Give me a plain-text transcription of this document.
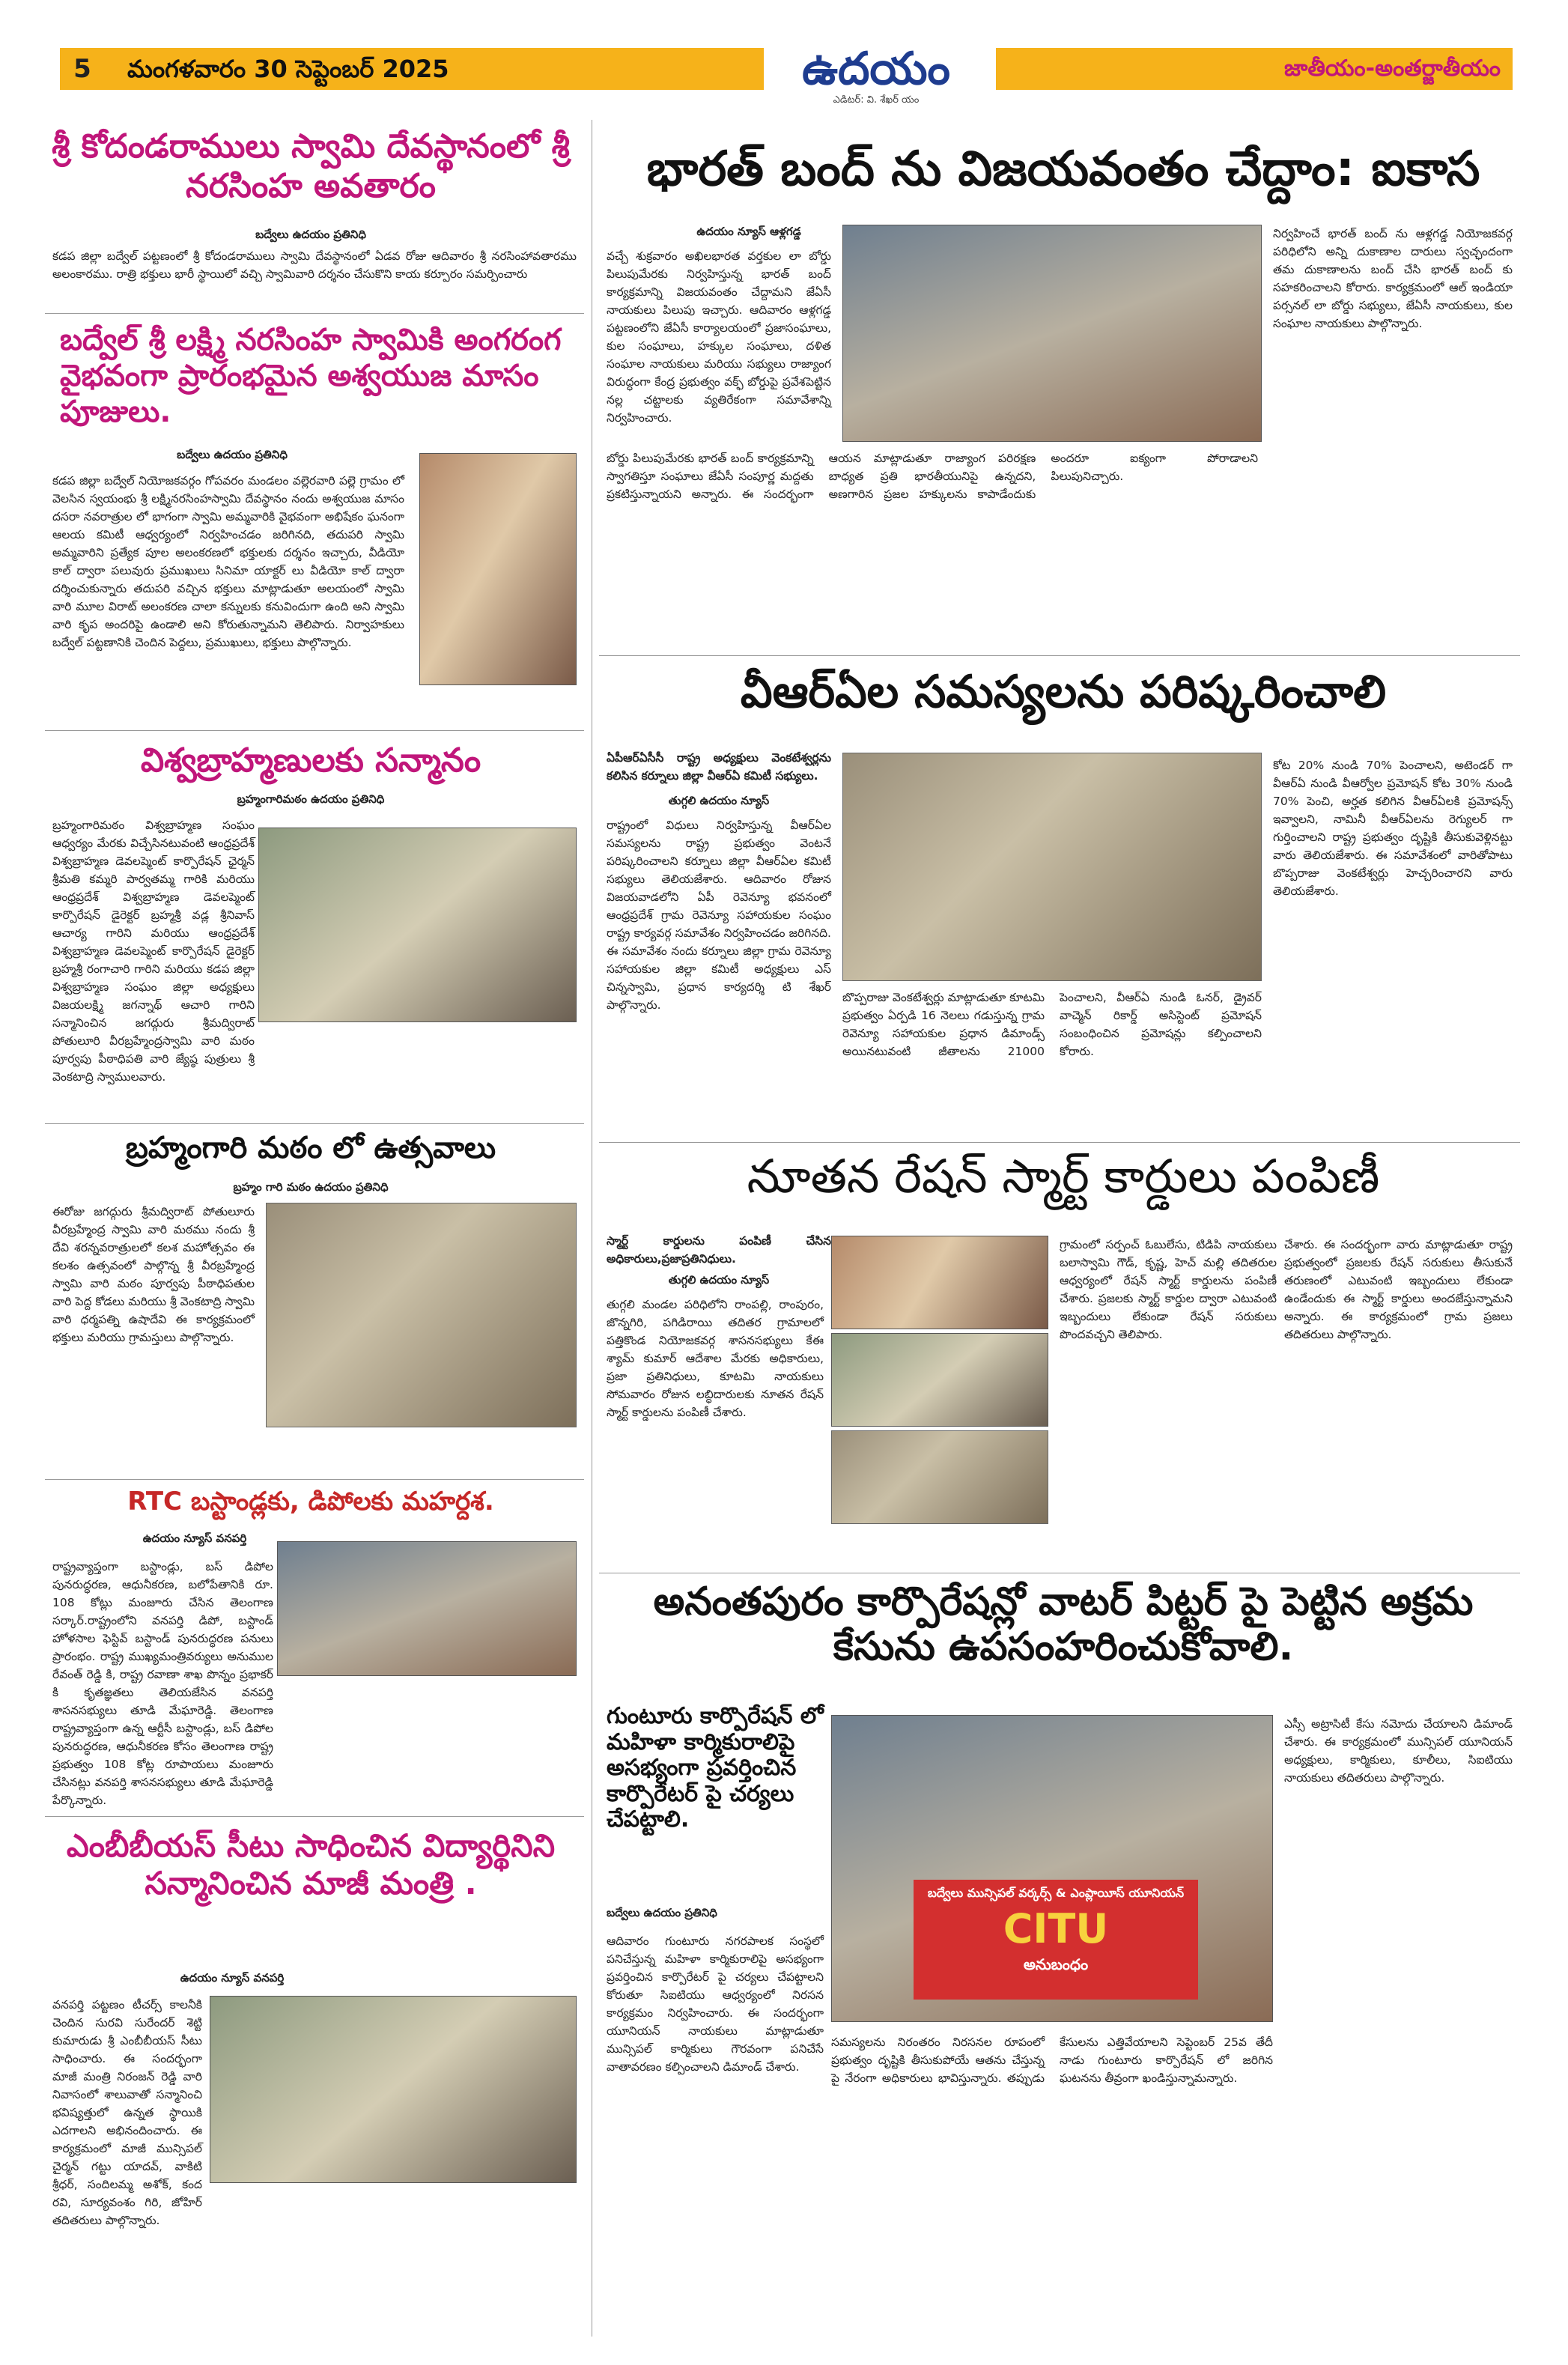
5	మంగళవారం 30 సెప్టెంబర్ 2025	ఉదయం
ఎడిటర్: వి. శేఖర్ యం
జాతీయం-అంతర్జాతీయం
శ్రీ కోదండరాములు స్వామి దేవస్థానంలో శ్రీ నరసింహ అవతారం
బద్వేలు ఉదయం ప్రతినిధి
కడప జిల్లా బద్వేల్ పట్టణంలో శ్రీ కోదండరాములు స్వామి దేవస్థానంలో ఏడవ రోజు ఆదివారం శ్రీ నరసింహావతారము అలంకారము. రాత్రి భక్తులు భారీ స్థాయిలో వచ్చి స్వామివారి దర్శనం చేసుకొని కాయ కర్పూరం సమర్పించారు
బద్వేల్ శ్రీ లక్ష్మి నరసింహ స్వామికి అంగరంగ వైభవంగా ప్రారంభమైన అశ్వయుజ మాసం పూజులు.
బద్వేలు ఉదయం ప్రతినిధి
కడప జిల్లా బద్వేల్ నియోజకవర్గం గోపవరం మండలం వల్లెరవారి పల్లె గ్రామం లో వెలసిన స్వయంభు శ్రీ లక్ష్మినరసింహస్వామి దేవస్థానం నందు అశ్వయుజ మాసం దసరా నవరాత్రుల లో భాగంగా స్వామి అమ్మవారికి వైభవంగా అభిషేకం ఘనంగా ఆలయ కమిటీ ఆధ్వర్యంలో నిర్వహించడం జరిగినది, తదుపరి స్వామి అమ్మవారిని ప్రత్యేక పూల అలంకరణలో భక్తులకు దర్శనం ఇచ్చారు, వీడియో కాల్ ద్వారా పలువురు ప్రముఖులు సినిమా యాక్టర్ లు వీడియో కాల్ ద్వారా దర్శించుకున్నారు తదుపరి వచ్చిన భక్తులు మాట్లాడుతూ అలయంలో స్వామి వారి మూల విరాట్ అలంకరణ చాలా కన్నులకు కనువిందుగా ఉంది అని స్వామి వారి కృప అందరిపై ఉండాలి అని కోరుతున్నామని తెలిపారు. నిర్వాహకులు బద్వేల్ పట్టణానికి చెందిన పెద్దలు, ప్రముఖులు, భక్తులు పాల్గొన్నారు.
విశ్వబ్రాహ్మణులకు సన్మానం
బ్రహ్మంగారిమఠం ఉదయం ప్రతినిధి
బ్రహ్మంగారిమఠం విశ్వబ్రాహ్మణ సంఘం ఆధ్వర్యం మేరకు విచ్చేసినటువంటి ఆంధ్రప్రదేశ్ విశ్వబ్రాహ్మణ డెవలప్మెంట్ కార్పొరేషన్ ఛైర్మన్ శ్రీమతి కమ్మరి పార్వతమ్మ గారికి మరియు ఆంధ్రప్రదేశ్ విశ్వబ్రాహ్మణ డెవలప్మెంట్ కార్పొరేషన్ డైరెక్టర్ బ్రహ్మశ్రీ వడ్ల శ్రీనివాస్ ఆచార్య గారిని మరియు ఆంధ్రప్రదేశ్ విశ్వబ్రాహ్మణ డెవలప్మెంట్ కార్పొరేషన్ డైరెక్టర్ బ్రహ్మశ్రీ రంగాచారి గారిని మరియు కడప జిల్లా విశ్వబ్రాహ్మణ సంఘం జిల్లా అధ్యక్షులు విజయలక్ష్మి జగన్నాథ్ ఆచారి గారిని సన్మానించిన జగద్గురు శ్రీమద్విరాట్ పోతులూరి వీరబ్రహ్మేంద్రస్వామి వారి మఠం పూర్వపు పీఠాధిపతి వారి జ్యేష్ఠ పుత్రులు శ్రీ వెంకటాద్రి స్వాములవారు.
బ్రహ్మంగారి మఠం లో ఉత్సవాలు
బ్రహ్మం గారి మఠం ఉదయం ప్రతినిధి
ఈరోజు జగద్గురు శ్రీమద్విరాట్ పోతులూరు వీరబ్రహ్మేంద్ర స్వామి వారి మఠము నందు శ్రీ దేవి శరన్నవరాత్రులలో కలశ మహోత్సవం ఈ కలశం ఉత్సవంలో పాల్గొన్న శ్రీ వీరబ్రహ్మేంద్ర స్వామి వారి మఠం పూర్వపు పీఠాధిపతుల వారి పెద్ద కోడలు మరియు శ్రీ వెంకటాద్రి స్వామి వారి ధర్మపత్ని ఉషాదేవి ఈ కార్యక్రమంలో భక్తులు మరియు గ్రామస్తులు పాల్గొన్నారు.
RTC బస్టాండ్లకు, డిపోలకు మహర్దశ.
ఉదయం న్యూస్ వనపర్తి
రాష్ట్రవ్యాప్తంగా బస్టాండ్లు, బస్ డిపోల పునరుద్ధరణ, ఆధునీకరణ, బలోపేతానికి రూ. 108 కోట్లు మంజూరు చేసిన తెలంగాణ సర్కార్.రాష్ట్రంలోని వనపర్తి డిపో, బస్టాండ్ హోళసాల ఫెస్టివ్ బస్టాండ్ పునరుద్ధరణ పనులు ప్రారంభం. రాష్ట్ర ముఖ్యమంత్రివర్యులు అనుముల రేవంత్ రెడ్డి కి, రాష్ట్ర రవాణా శాఖ పొన్నం ప్రభాకర్ కి కృతజ్ఞతలు తెలియజేసిన వనపర్తి శాసనసభ్యులు తూడి మేఘారెడ్డి. తెలంగాణ రాష్ట్రవ్యాప్తంగా ఉన్న ఆర్టీసీ బస్టాండ్లు, బస్ డిపోల పునరుద్ధరణ, ఆధునీకరణ కోసం తెలంగాణ రాష్ట్ర ప్రభుత్వం 108 కోట్ల రూపాయలు మంజూరు చేసినట్లు వనపర్తి శాసనసభ్యులు తూడి మేఘారెడ్డి పేర్కొన్నారు.
ఎంబీబీయస్ సీటు సాధించిన విద్యార్థినిని సన్మానించిన మాజీ మంత్రి .
ఉదయం న్యూస్ వనపర్తి
వనపర్తి పట్టణం టీచర్స్ కాలనీకి చెందిన సురవి సురేందర్ శెట్టి కుమారుడు శ్రీ ఎంబీబీయస్ సీటు సాధించారు. ఈ సందర్భంగా మాజీ మంత్రి నిరంజన్ రెడ్డి వారి నివాసంలో శాలువాతో సన్మానించి భవిష్యత్తులో ఉన్నత స్థాయికి ఎదగాలని అభినందించారు. ఈ కార్యక్రమంలో మాజీ మున్సిపల్ చైర్మన్ గట్టు యాదవ్, వాకిటి శ్రీధర్, సందిలమ్మ అశోక్, కంద రవి, సూర్యవంశం గిరి, జోహిర్ తదితరులు పాల్గొన్నారు.
భారత్ బంద్ ను విజయవంతం చేద్దాం: ఐకాస
ఉదయం న్యూస్ ఆళ్లగడ్డ
వచ్చే శుక్రవారం అఖిలభారత వర్తకుల లా బోర్డు పిలుపుమేరకు నిర్వహిస్తున్న భారత్ బంద్ కార్యక్రమాన్ని విజయవంతం చేద్దామని జేఏసీ నాయకులు పిలుపు ఇచ్చారు. ఆదివారం ఆళ్లగడ్డ పట్టణంలోని జేఏసీ కార్యాలయంలో ప్రజాసంఘాలు, కుల సంఘాలు, హక్కుల సంఘాలు, దళిత సంఘాల నాయకులు మరియు సభ్యులు రాజ్యాంగ విరుద్ధంగా కేంద్ర ప్రభుత్వం వక్ఫ్ బోర్డుపై ప్రవేశపెట్టిన నల్ల చట్టాలకు వ్యతిరేకంగా సమావేశాన్ని నిర్వహించారు.
బోర్డు పిలుపుమేరకు భారత్ బంద్ కార్యక్రమాన్ని స్వాగతిస్తూ సంఘాలు జేఏసీ సంపూర్ణ మద్దతు ప్రకటిస్తున్నాయని అన్నారు. ఈ సందర్భంగా ఆయన మాట్లాడుతూ రాజ్యాంగ పరిరక్షణ బాధ్యత ప్రతి భారతీయునిపై ఉన్నదని, అణగారిన ప్రజల హక్కులను కాపాడేందుకు అందరూ ఐక్యంగా పోరాడాలని పిలుపునిచ్చారు.
నిర్వహించే భారత్ బంద్ ను ఆళ్లగడ్డ నియోజకవర్గ పరిధిలోని అన్ని దుకాణాల దారులు స్వచ్ఛందంగా తమ దుకాణాలను బంద్ చేసి భారత్ బంద్ కు సహకరించాలని కోరారు. కార్యక్రమంలో ఆల్ ఇండియా పర్సనల్ లా బోర్డు సభ్యులు, జేఏసీ నాయకులు, కుల సంఘాల నాయకులు పాల్గొన్నారు.
వీఆర్ఏల సమస్యలను పరిష్కరించాలి
ఏపీఆర్ఏసీసీ రాష్ట్ర అధ్యక్షులు వెంకటేశ్వర్లను కలిసిన కర్నూలు జిల్లా వీఆర్ఏ కమిటీ సభ్యులు.
తుగ్గలి ఉదయం న్యూస్
రాష్ట్రంలో విధులు నిర్వహిస్తున్న వీఆర్ఏల సమస్యలను రాష్ట్ర ప్రభుత్వం వెంటనే పరిష్కరించాలని కర్నూలు జిల్లా వీఆర్ఏల కమిటీ సభ్యులు తెలియజేశారు. ఆదివారం రోజున విజయవాడలోని ఏపీ రెవెన్యూ భవనంలో ఆంధ్రప్రదేశ్ గ్రామ రెవెన్యూ సహాయకుల సంఘం రాష్ట్ర కార్యవర్గ సమావేశం నిర్వహించడం జరిగినది. ఈ సమావేశం నందు కర్నూలు జిల్లా గ్రామ రెవెన్యూ సహాయకుల జిల్లా కమిటీ అధ్యక్షులు ఎస్ చిన్నస్వామి, ప్రధాన కార్యదర్శి టి శేఖర్ పాల్గొన్నారు.
బొప్పరాజు వెంకటేశ్వర్లు మాట్లాడుతూ కూటమి ప్రభుత్వం ఏర్పడి 16 నెలలు గడుస్తున్న గ్రామ రెవెన్యూ సహాయకుల ప్రధాన డిమాండ్స్ అయినటువంటి జీతాలను 21000 పెంచాలని, వీఆర్ఏ నుండి ఓనర్, డ్రైవర్ వాచ్మెన్ రికార్డ్ అసిస్టెంట్ ప్రమోషన్ సంబంధించిన ప్రమోషన్లు కల్పించాలని కోరారు.
కోట 20% నుండి 70% పెంచాలని, అటెండర్ గా వీఆర్ఏ నుండి వీఆర్వోల ప్రమోషన్ కోట 30% నుండి 70% పెంచి, అర్హత కలిగిన వీఆర్ఏలకి ప్రమోషన్స్ ఇవ్వాలని, నామినీ వీఆర్ఏలను రెగ్యులర్ గా గుర్తించాలని రాష్ట్ర ప్రభుత్వం దృష్టికి తీసుకువెళ్లినట్టు వారు తెలియజేశారు. ఈ సమావేశంలో వారితోపాటు బొప్పరాజు వెంకటేశ్వర్లు హెచ్చరించారని వారు తెలియజేశారు.
నూతన రేషన్ స్మార్ట్ కార్డులు పంపిణీ
స్మార్ట్ కార్డులను పంపిణీ చేసిన అధికారులు,ప్రజాప్రతినిధులు.
తుగ్గలి ఉదయం న్యూస్
తుగ్గలి మండల పరిధిలోని రాంపల్లి, రాంపురం, జొన్నగిరి, పగిడిరాయి తదితర గ్రామాలలో పత్తికొండ నియోజకవర్గ శాసనసభ్యులు కేఈ శ్యామ్ కుమార్ ఆదేశాల మేరకు అధికారులు, ప్రజా ప్రతినిధులు, కూటమి నాయకులు సోమవారం రోజున లబ్ధిదారులకు నూతన రేషన్ స్మార్ట్ కార్డులను పంపిణీ చేశారు.
గ్రామంలో సర్పంచ్ ఓబులేసు, టిడిపి నాయకులు బలాస్వామి గౌడ్, కృష్ణ, హెచ్ మల్లి తదితరుల ఆధ్వర్యంలో రేషన్ స్మార్ట్ కార్డులను పంపిణీ చేశారు. ప్రజలకు స్మార్ట్ కార్డుల ద్వారా ఎటువంటి ఇబ్బందులు లేకుండా రేషన్ సరుకులు పొందవచ్చని తెలిపారు.
చేశారు. ఈ సందర్భంగా వారు మాట్లాడుతూ రాష్ట్ర ప్రభుత్వంలో ప్రజలకు రేషన్ సరుకులు తీసుకునే తరుణంలో ఎటువంటి ఇబ్బందులు లేకుండా ఉండేందుకు ఈ స్మార్ట్ కార్డులు అందజేస్తున్నామని అన్నారు. ఈ కార్యక్రమంలో గ్రామ ప్రజలు తదితరులు పాల్గొన్నారు.
అనంతపురం కార్పొరేషన్లో వాటర్ పిట్టర్ పై పెట్టిన అక్రమ కేసును ఉపసంహరించుకోవాలి.
గుంటూరు కార్పొరేషన్ లో మహిళా కార్మికురాలిపై అసభ్యంగా ప్రవర్తించిన కార్పొరేటర్ పై చర్యలు చేపట్టాలి.
బద్వేలు ఉదయం ప్రతినిధి
ఆదివారం గుంటూరు నగరపాలక సంస్థలో పనిచేస్తున్న మహిళా కార్మికురాలిపై అసభ్యంగా ప్రవర్తించిన కార్పొరేటర్ పై చర్యలు చేపట్టాలని కోరుతూ సిఐటియు ఆధ్వర్యంలో నిరసన కార్యక్రమం నిర్వహించారు. ఈ సందర్భంగా యూనియన్ నాయకులు మాట్లాడుతూ మున్సిపల్ కార్మికులు గౌరవంగా పనిచేసే వాతావరణం కల్పించాలని డిమాండ్ చేశారు.
బద్వేలు మున్సిపల్ వర్కర్స్ & ఎంప్లాయీస్ యూనియన్
CITU
అనుబంధం
సమస్యలను నిరంతరం నిరసనల రూపంలో ప్రభుత్వం దృష్టికి తీసుకుపోయే ఆతను చేస్తున్న పై నేరంగా అధికారులు భావిస్తున్నారు. తప్పుడు కేసులను ఎత్తివేయాలని సెప్టెంబర్ 25వ తేదీ నాడు గుంటూరు కార్పొరేషన్ లో జరిగిన ఘటనను తీవ్రంగా ఖండిస్తున్నామన్నారు.
ఎస్సీ అట్రాసిటీ కేసు నమోదు చేయాలని డిమాండ్ చేశారు. ఈ కార్యక్రమంలో మున్సిపల్ యూనియన్ అధ్యక్షులు, కార్మికులు, కూలీలు, సిఐటియు నాయకులు తదితరులు పాల్గొన్నారు.
